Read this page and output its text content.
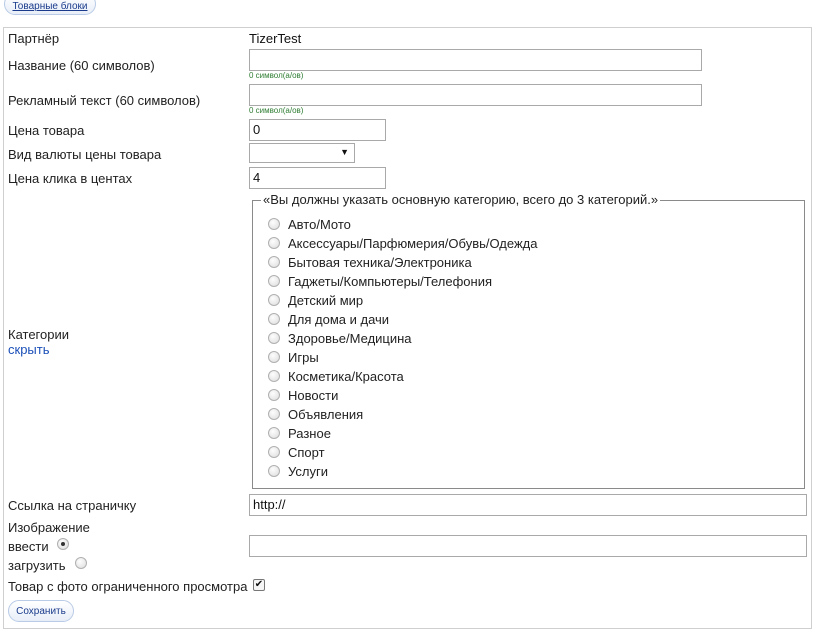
Товарные блоки
Партнёр	TizerTest
Название (60 символов)
0 символ(а/ов)
Рекламный текст (60 символов)
0 символ(а/ов)
Цена товара	0
Вид валюты цены товара	▼
Цена клика в центах	4
Категории
скрыть
«Вы должны указать основную категорию, всего до 3 категорий.»
Авто/Мото
Аксессуары/Парфюмерия/Обувь/Одежда
Бытовая техника/Электроника
Гаджеты/Компьютеры/Телефония
Детский мир
Для дома и дачи
Здоровье/Медицина
Игры
Косметика/Красота
Новости
Объявления
Разное
Спорт
Услуги
Ссылка на страничку	http://
Изображение
ввести
загрузить
Товар с фото ограниченного просмотра ✔
Сохранить
